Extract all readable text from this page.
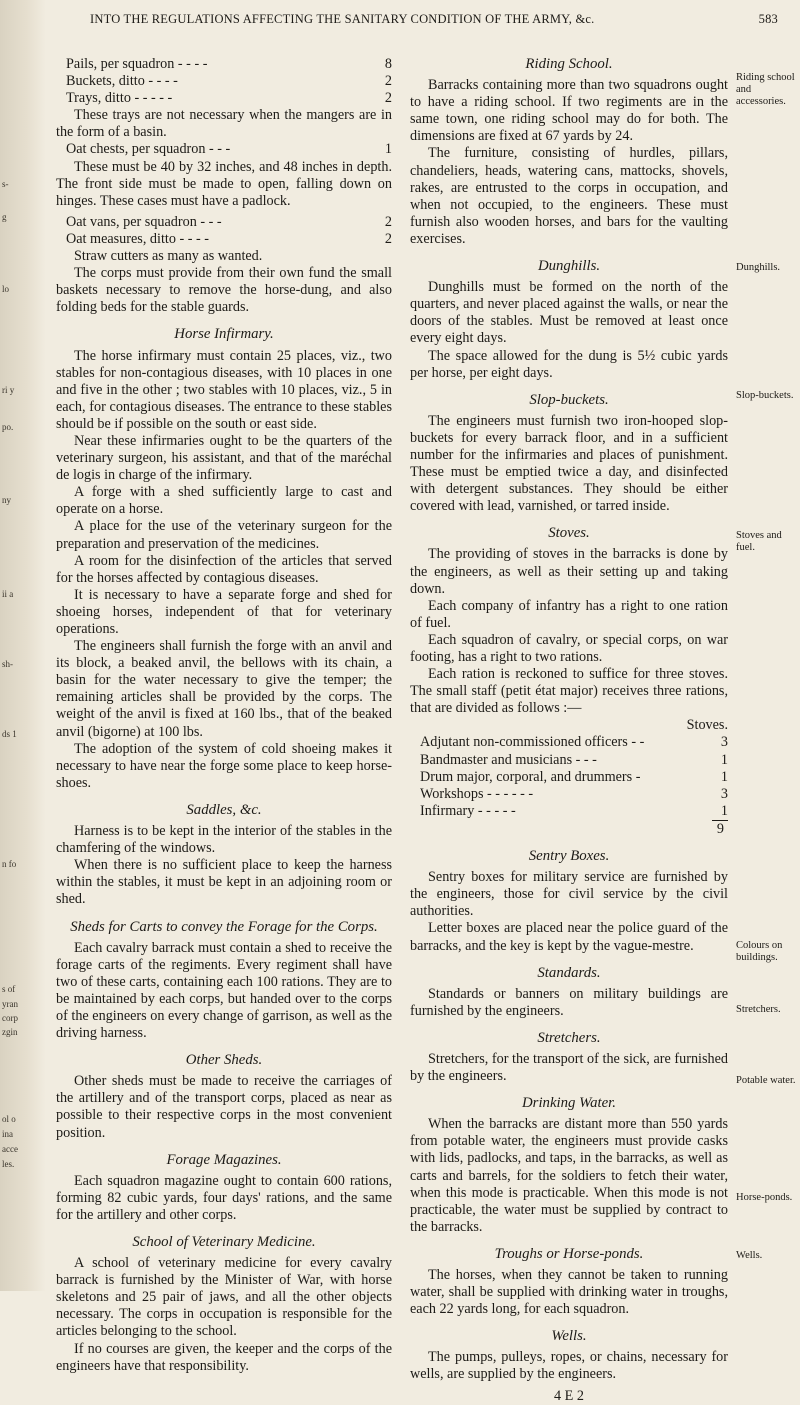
s-
g
lo
ri y
po.
ny
ii a
sh-
ds 1
n fo
s of
yran
corp
zgin
ol o
ina
acce
les.
INTO THE REGULATIONS AFFECTING THE SANITARY CONDITION OF THE ARMY, &c.	583
Pails, per squadron - - - -	8
Buckets, ditto - - - -	2
Trays, ditto - - - - -	2

These trays are not necessary when the mangers are in the form of a basin.

Oat chests, per squadron - - -	1

These must be 40 by 32 inches, and 48 inches in depth. The front side must be made to open, falling down on hinges. These cases must have a padlock.

Oat vans, per squadron - - -	2
Oat measures, ditto - - - -	2

Straw cutters as many as wanted.

The corps must provide from their own fund the small baskets necessary to remove the horse-dung, and also folding beds for the stable guards.

Horse Infirmary.

The horse infirmary must contain 25 places, viz., two stables for non-contagious diseases, with 10 places in one and five in the other ; two stables with 10 places, viz., 5 in each, for contagious diseases. The entrance to these stables should be if possible on the south or east side.

Near these infirmaries ought to be the quarters of the veterinary surgeon, his assistant, and that of the maréchal de logis in charge of the infirmary.

A forge with a shed sufficiently large to cast and operate on a horse.

A place for the use of the veterinary surgeon for the preparation and preservation of the medicines.

A room for the disinfection of the articles that served for the horses affected by contagious diseases.

It is necessary to have a separate forge and shed for shoeing horses, independent of that for veterinary operations.

The engineers shall furnish the forge with an anvil and its block, a beaked anvil, the bellows with its chain, a basin for the water necessary to give the temper; the remaining articles shall be provided by the corps. The weight of the anvil is fixed at 160 lbs., that of the beaked anvil (bigorne) at 100 lbs.

The adoption of the system of cold shoeing makes it necessary to have near the forge some place to keep horse-shoes.

Saddles, &c.

Harness is to be kept in the interior of the stables in the chamfering of the windows.

When there is no sufficient place to keep the harness within the stables, it must be kept in an adjoining room or shed.

Sheds for Carts to convey the Forage for the Corps.

Each cavalry barrack must contain a shed to receive the forage carts of the regiments. Every regiment shall have two of these carts, containing each 100 rations. They are to be maintained by each corps, but handed over to the corps of the engineers on every change of garrison, as well as the driving harness.

Other Sheds.

Other sheds must be made to receive the carriages of the artillery and of the transport corps, placed as near as possible to their respective corps in the most convenient position.

Forage Magazines.

Each squadron magazine ought to contain 600 rations, forming 82 cubic yards, four days' rations, and the same for the artillery and other corps.

School of Veterinary Medicine.

A school of veterinary medicine for every cavalry barrack is furnished by the Minister of War, with horse skeletons and 25 pair of jaws, and all the other objects necessary. The corps in occupation is responsible for the articles belonging to the school.

If no courses are given, the keeper and the corps of the engineers have that responsibility.

Riding School.

Barracks containing more than two squadrons ought to have a riding school. If two regiments are in the same town, one riding school may do for both. The dimensions are fixed at 67 yards by 24.

The furniture, consisting of hurdles, pillars, chandeliers, heads, watering cans, mattocks, shovels, rakes, are entrusted to the corps in occupation, and when not occupied, to the engineers. These must furnish also wooden horses, and bars for the vaulting exercises.

Dunghills.

Dunghills must be formed on the north of the quarters, and never placed against the walls, or near the doors of the stables. Must be removed at least once every eight days.

The space allowed for the dung is 5½ cubic yards per horse, per eight days.

Slop-buckets.

The engineers must furnish two iron-hooped slop-buckets for every barrack floor, and in a sufficient number for the infirmaries and places of punishment. These must be emptied twice a day, and disinfected with detergent substances. They should be either covered with lead, varnished, or tarred inside.

Stoves.

The providing of stoves in the barracks is done by the engineers, as well as their setting up and taking down.

Each company of infantry has a right to one ration of fuel.

Each squadron of cavalry, or special corps, on war footing, has a right to two rations.

Each ration is reckoned to suffice for three stoves. The small staff (petit état major) receives three rations, that are divided as follows :—

Stoves.
Adjutant non-commissioned officers - -	3
Bandmaster and musicians - - -	1
Drum major, corporal, and drummers -	1
Workshops - - - - - -	3
Infirmary - - - - -	1
9
Sentry Boxes.

Sentry boxes for military service are furnished by the engineers, those for civil service by the civil authorities.

Letter boxes are placed near the police guard of the barracks, and the key is kept by the vague-mestre.

Standards.

Standards or banners on military buildings are furnished by the engineers.

Stretchers.

Stretchers, for the transport of the sick, are furnished by the engineers.

Drinking Water.

When the barracks are distant more than 550 yards from potable water, the engineers must provide casks with lids, padlocks, and taps, in the barracks, as well as carts and barrels, for the soldiers to fetch their water, when this mode is practicable. When this mode is not practicable, the water must be supplied by contract to the barracks.

Troughs or Horse-ponds.

The horses, when they cannot be taken to running water, shall be supplied with drinking water in troughs, each 22 yards long, for each squadron.

Wells.

The pumps, pulleys, ropes, or chains, necessary for wells, are supplied by the engineers.

4 E 2
Riding school and accessories.
Dunghills.
Slop-buckets.
Stoves and fuel.
Colours on buildings.
Stretchers.
Potable water.
Horse-ponds.
Wells.
